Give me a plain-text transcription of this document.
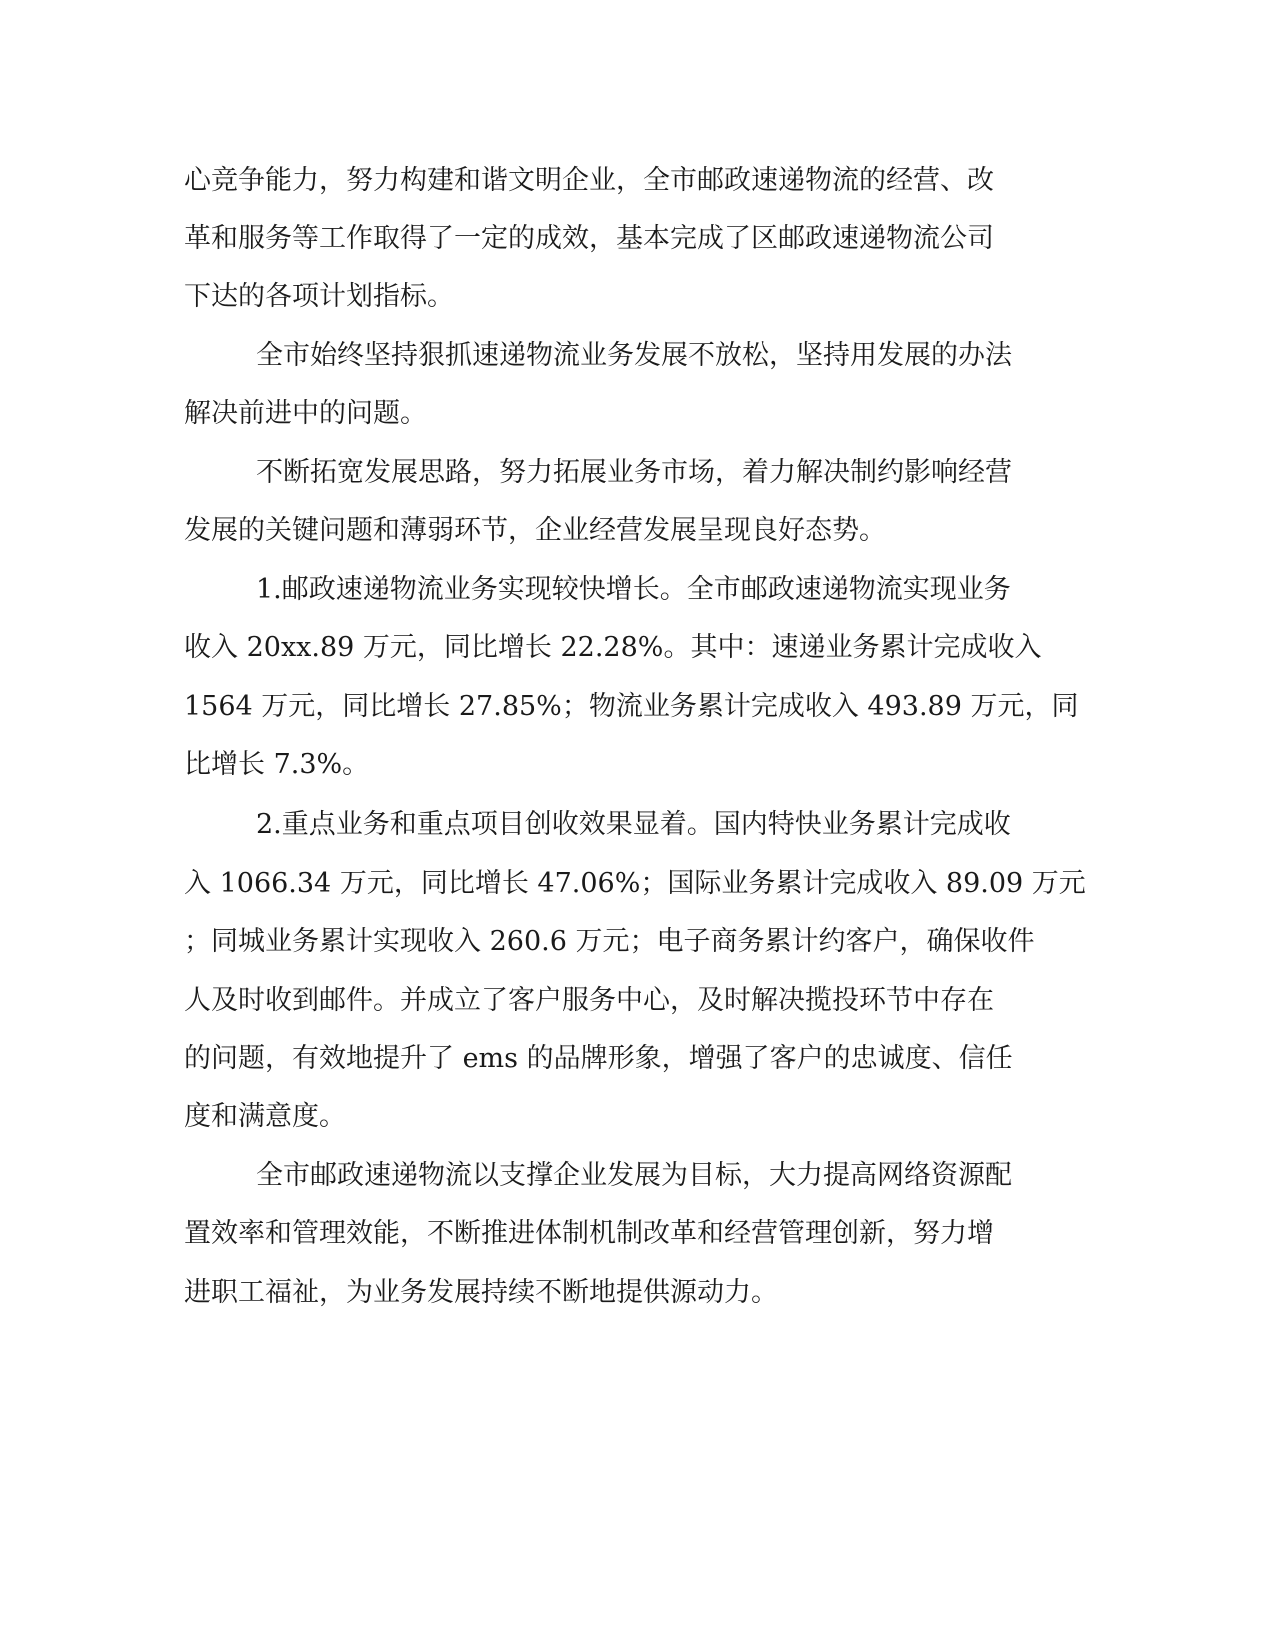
心竞争能力，努力构建和谐文明企业，全市邮政速递物流的经营、改
革和服务等工作取得了一定的成效，基本完成了区邮政速递物流公司
下达的各项计划指标。
全市始终坚持狠抓速递物流业务发展不放松，坚持用发展的办法
解决前进中的问题。
不断拓宽发展思路，努力拓展业务市场，着力解决制约影响经营
发展的关键问题和薄弱环节，企业经营发展呈现良好态势。
1.邮政速递物流业务实现较快增长。全市邮政速递物流实现业务
收入 20xx.89 万元，同比增长 22.28%。其中：速递业务累计完成收入
1564 万元，同比增长 27.85%；物流业务累计完成收入 493.89 万元，同
比增长 7.3%。
2.重点业务和重点项目创收效果显着。国内特快业务累计完成收
入 1066.34 万元，同比增长 47.06%；国际业务累计完成收入 89.09 万元
；同城业务累计实现收入 260.6 万元；电子商务累计约客户，确保收件
人及时收到邮件。并成立了客户服务中心，及时解决揽投环节中存在
的问题，有效地提升了 ems 的品牌形象，增强了客户的忠诚度、信任
度和满意度。
全市邮政速递物流以支撑企业发展为目标，大力提高网络资源配
置效率和管理效能，不断推进体制机制改革和经营管理创新，努力增
进职工福祉，为业务发展持续不断地提供源动力。
